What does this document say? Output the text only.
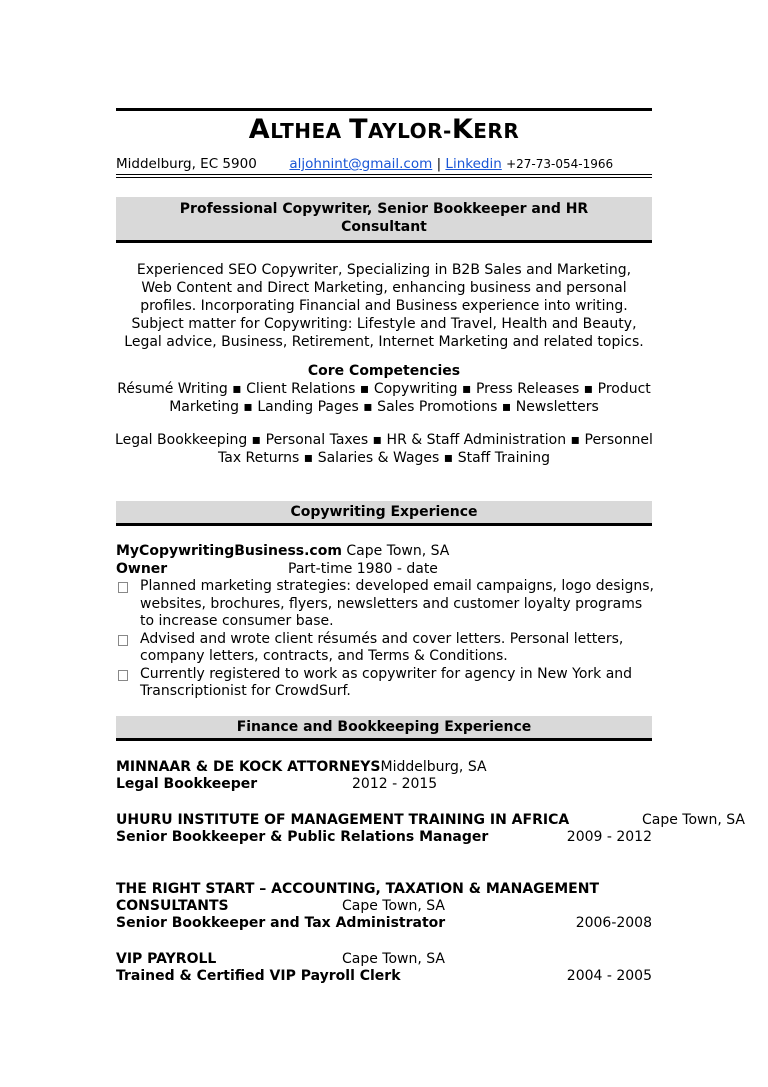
ALTHEA TAYLOR-KERR
Middelburg, EC 5900 aljohnint@gmail.com | Linkedin +27-73-054-1966
Professional Copywriter, Senior Bookkeeper and HR
Consultant
Experienced SEO Copywriter, Specializing in B2B Sales and Marketing,
Web Content and Direct Marketing, enhancing business and personal
profiles. Incorporating Financial and Business experience into writing.
Subject matter for Copywriting: Lifestyle and Travel, Health and Beauty,
Legal advice, Business, Retirement, Internet Marketing and related topics.
Core Competencies
Résumé Writing ▪ Client Relations ▪ Copywriting ▪ Press Releases ▪ Product
Marketing ▪ Landing Pages ▪ Sales Promotions ▪ Newsletters
Legal Bookkeeping ▪ Personal Taxes ▪ HR & Staff Administration ▪ Personnel
Tax Returns ▪ Salaries & Wages ▪ Staff Training
Copywriting Experience
MyCopywritingBusiness.com Cape Town, SA
Owner	Part-time 1980 - date
Planned marketing strategies: developed email campaigns, logo designs, websites, brochures, flyers, newsletters and customer loyalty programs to increase consumer base.
Advised and wrote client résumés and cover letters. Personal letters, company letters, contracts, and Terms & Conditions.
Currently registered to work as copywriter for agency in New York and Transcriptionist for CrowdSurf.
Finance and Bookkeeping Experience
MINNAAR & DE KOCK ATTORNEYSMiddelburg, SA
Legal Bookkeeper	2012 - 2015
UHURU INSTITUTE OF MANAGEMENT TRAINING IN AFRICA	Cape Town, SA
Senior Bookkeeper & Public Relations Manager	2009 - 2012
THE RIGHT START – ACCOUNTING, TAXATION & MANAGEMENT
CONSULTANTS	Cape Town, SA
Senior Bookkeeper and Tax Administrator	2006-2008
VIP PAYROLL	Cape Town, SA
Trained & Certified VIP Payroll Clerk	2004 - 2005
